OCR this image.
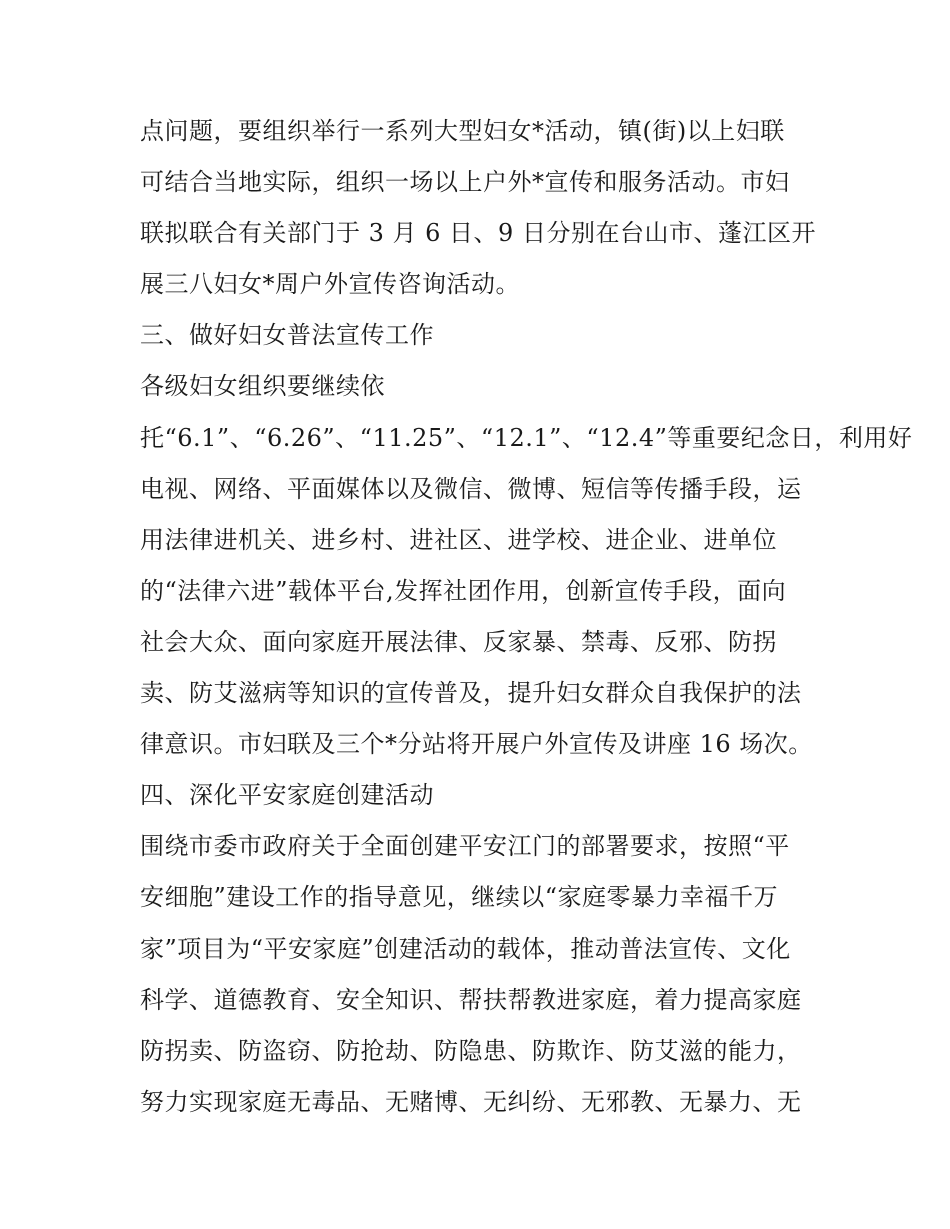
点问题，要组织举行一系列大型妇女*活动，镇(街)以上妇联
可结合当地实际，组织一场以上户外*宣传和服务活动。市妇
联拟联合有关部门于 3 月 6 日、9 日分别在台山市、蓬江区开
展三八妇女*周户外宣传咨询活动。
三、做好妇女普法宣传工作
各级妇女组织要继续依
托“6.1”、“6.26”、“11.25”、“12.1”、“12.4”等重要纪念日，利用好
电视、网络、平面媒体以及微信、微博、短信等传播手段，运
用法律进机关、进乡村、进社区、进学校、进企业、进单位
的“法律六进”载体平台,发挥社团作用，创新宣传手段，面向
社会大众、面向家庭开展法律、反家暴、禁毒、反邪、防拐
卖、防艾滋病等知识的宣传普及，提升妇女群众自我保护的法
律意识。市妇联及三个*分站将开展户外宣传及讲座 16 场次。
四、深化平安家庭创建活动
围绕市委市政府关于全面创建平安江门的部署要求，按照“平
安细胞”建设工作的指导意见，继续以“家庭零暴力幸福千万
家”项目为“平安家庭”创建活动的载体，推动普法宣传、文化
科学、道德教育、安全知识、帮扶帮教进家庭，着力提高家庭
防拐卖、防盗窃、防抢劫、防隐患、防欺诈、防艾滋的能力，
努力实现家庭无毒品、无赌博、无纠纷、无邪教、无暴力、无
